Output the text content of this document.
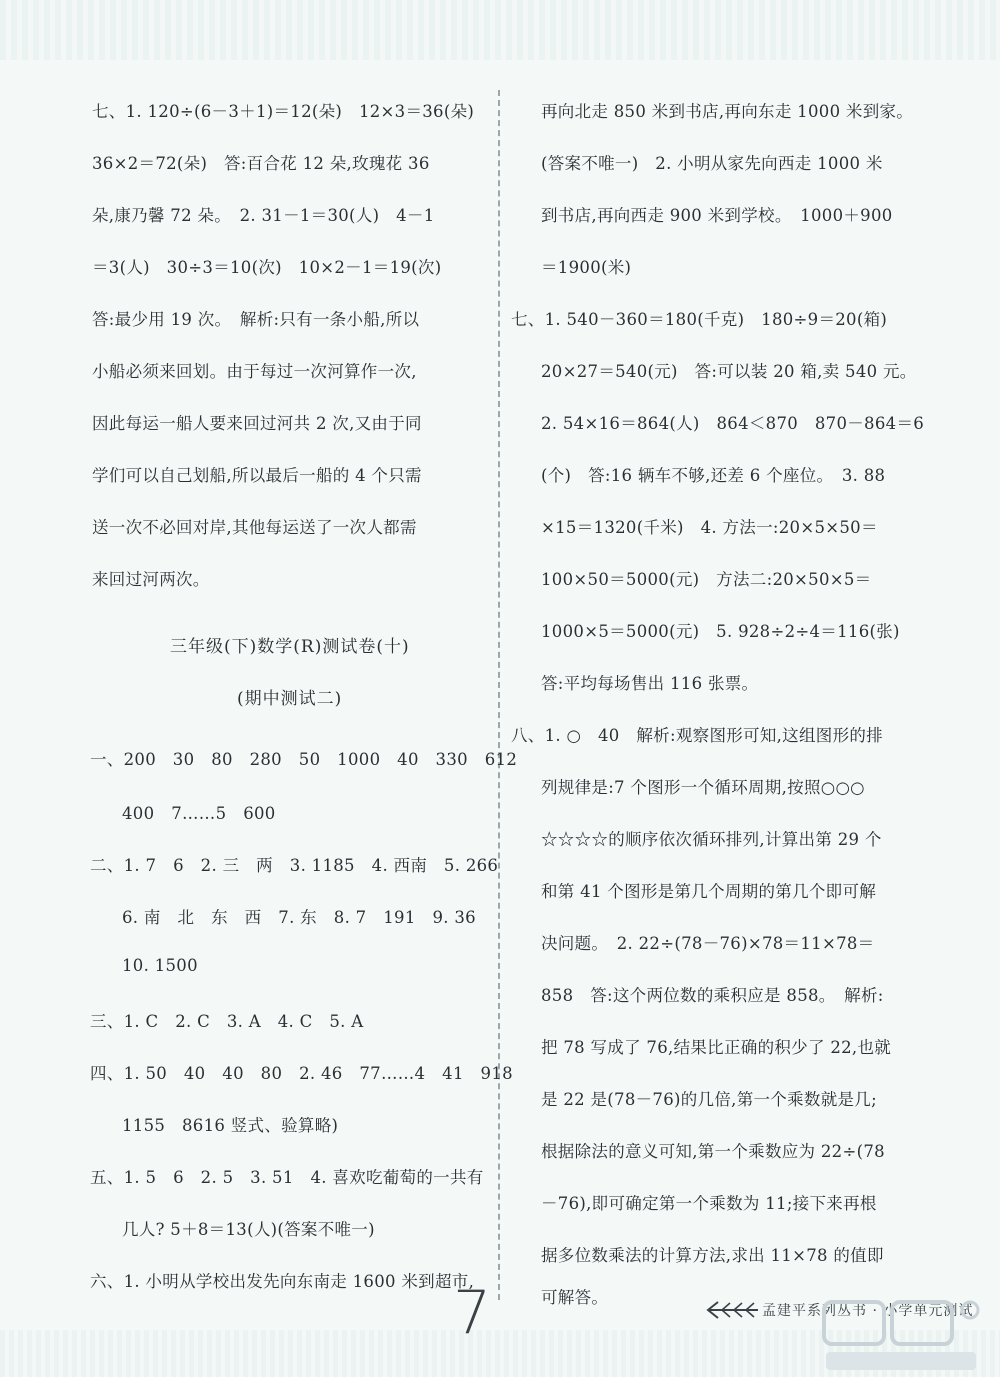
七、1. 120÷(6－3＋1)＝12(朵)　12×3＝36(朵)
36×2＝72(朵)　答:百合花 12 朵,玫瑰花 36
朵,康乃馨 72 朵。　2. 31－1＝30(人)　4－1
＝3(人)　30÷3＝10(次)　10×2－1＝19(次)
答:最少用 19 次。　解析:只有一条小船,所以
小船必须来回划。由于每过一次河算作一次,
因此每运一船人要来回过河共 2 次,又由于同
学们可以自己划船,所以最后一船的 4 个只需
送一次不必回对岸,其他每运送了一次人都需
来回过河两次。
三年级(下)数学(R)测试卷(十)
(期中测试二)
一、200　30　80　280　50　1000　40　330　612
400　7……5　600
二、1. 7　6　2. 三　两　3. 1185　4. 西南　5. 266
6. 南　北　东　西　7. 东　8. 7　191　9. 36
10. 1500
三、1. C　2. C　3. A　4. C　5. A
四、1. 50　40　40　80　2. 46　77……4　41　918
1155　8616 竖式、验算略)
五、1. 5　6　2. 5　3. 51　4. 喜欢吃葡萄的一共有
几人? 5＋8＝13(人)(答案不唯一)
六、1. 小明从学校出发先向东南走 1600 米到超市,
再向北走 850 米到书店,再向东走 1000 米到家。
(答案不唯一)　2. 小明从家先向西走 1000 米
到书店,再向西走 900 米到学校。　1000＋900
＝1900(米)
七、1. 540－360＝180(千克)　180÷9＝20(箱)
20×27＝540(元)　答:可以装 20 箱,卖 540 元。
2. 54×16＝864(人)　864＜870　870－864＝6
(个)　答:16 辆车不够,还差 6 个座位。　3. 88
×15＝1320(千米)　4. 方法一:20×5×50＝
100×50＝5000(元)　方法二:20×50×5＝
1000×5＝5000(元)　5. 928÷2÷4＝116(张)
答:平均每场售出 116 张票。
八、1. ○　40　解析:观察图形可知,这组图形的排
列规律是:7 个图形一个循环周期,按照○○○
☆☆☆☆的顺序依次循环排列,计算出第 29 个
和第 41 个图形是第几个周期的第几个即可解
决问题。　2. 22÷(78－76)×78＝11×78＝
858　答:这个两位数的乘积应是 858。　解析:
把 78 写成了 76,结果比正确的积少了 22,也就
是 22 是(78－76)的几倍,第一个乘数就是几;
根据除法的意义可知,第一个乘数应为 22÷(78
－76),即可确定第一个乘数为 11;接下来再根
据多位数乘法的计算方法,求出 11×78 的值即
可解答。
7	孟建平系列丛书 · 小学单元测试
